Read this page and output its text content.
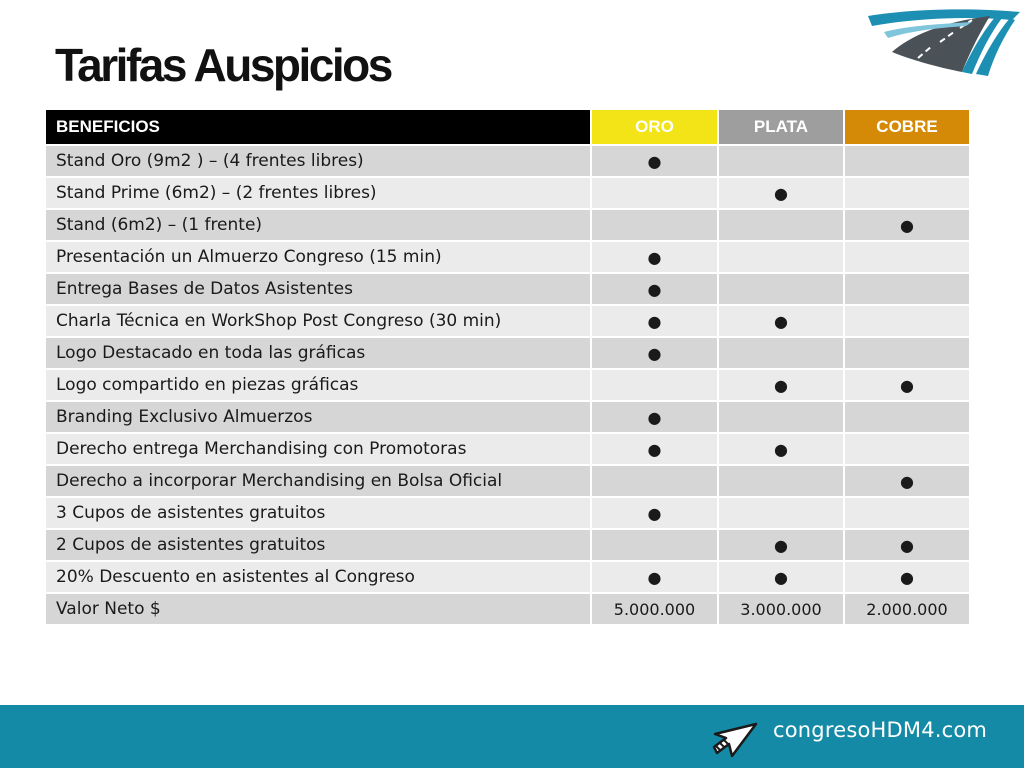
Tarifas Auspicios
BENEFICIOS	ORO	PLATA	COBRE
Stand Oro (9m2 ) – (4 frentes libres)	●		
Stand Prime (6m2) – (2 frentes libres)		●	
Stand (6m2) – (1 frente)			●
Presentación un Almuerzo Congreso (15 min)	●		
Entrega Bases de Datos Asistentes	●		
Charla Técnica en WorkShop Post Congreso (30 min)	●	●	
Logo Destacado en toda las gráficas	●		
Logo compartido en piezas gráficas		●	●
Branding Exclusivo Almuerzos	●		
Derecho entrega Merchandising con Promotoras	●	●	
Derecho a incorporar Merchandising en Bolsa Oficial			●
3 Cupos de asistentes gratuitos	●		
2 Cupos de asistentes gratuitos		●	●
20% Descuento en asistentes al Congreso	●	●	●
Valor Neto $	5.000.000	3.000.000	2.000.000
congresoHDM4.com
